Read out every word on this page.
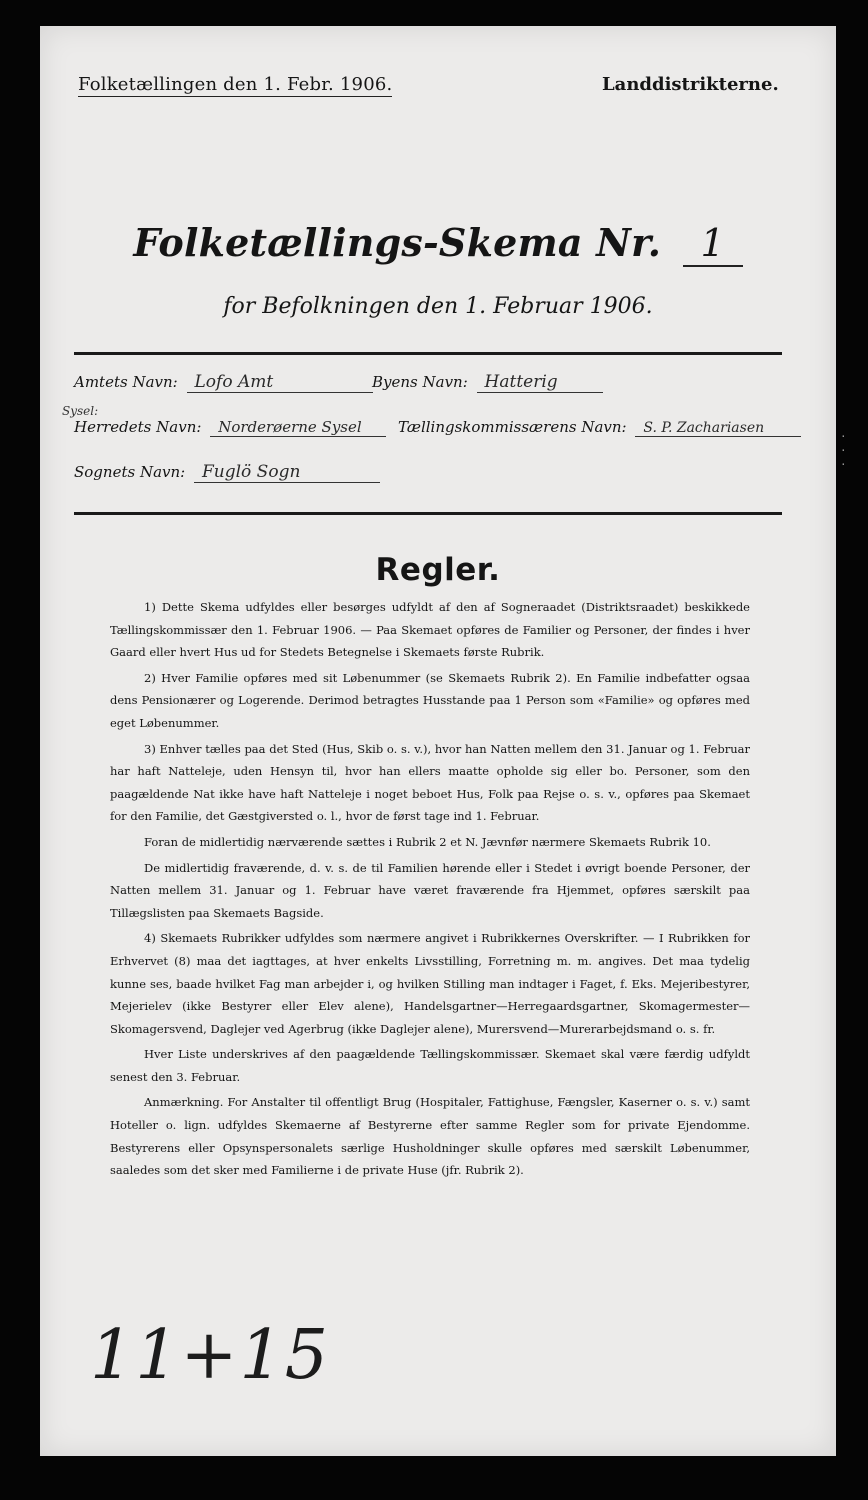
Folketællingen den 1. Febr. 1906.	Landdistrikterne.
Folketællings-Skema Nr. 1
for Befolkningen den 1. Februar 1906.
Amtets Navn: Lofo Amt	Byens Navn: Hatterig
Sysel:
Herredets Navn: Norderøerne Sysel	Tællingskommissærens Navn: S. P. Zachariasen
Sognets Navn: Fuglö Sogn
Regler.

1) Dette Skema udfyldes eller besørges udfyldt af den af Sogneraadet (Distriktsraadet) beskikkede Tællingskommissær den 1. Februar 1906. — Paa Skemaet opføres de Familier og Personer, der findes i hver Gaard eller hvert Hus ud for Stedets Betegnelse i Skemaets første Rubrik.

2) Hver Familie opføres med sit Løbenummer (se Skemaets Rubrik 2). En Familie indbefatter ogsaa dens Pensionærer og Logerende. Derimod betragtes Husstande paa 1 Person som «Familie» og opføres med eget Løbenummer.

3) Enhver tælles paa det Sted (Hus, Skib o. s. v.), hvor han Natten mellem den 31. Januar og 1. Februar har haft Natteleje, uden Hensyn til, hvor han ellers maatte opholde sig eller bo. Personer, som den paagældende Nat ikke have haft Natteleje i noget beboet Hus, Folk paa Rejse o. s. v., opføres paa Skemaet for den Familie, det Gæstgiversted o. l., hvor de først tage ind 1. Februar.

Foran de midlertidig nærværende sættes i Rubrik 2 et N. Jævnfør nærmere Skemaets Rubrik 10.

De midlertidig fraværende, d. v. s. de til Familien hørende eller i Stedet i øvrigt boende Personer, der Natten mellem 31. Januar og 1. Februar have været fraværende fra Hjemmet, opføres særskilt paa Tillægslisten paa Skemaets Bagside.

4) Skemaets Rubrikker udfyldes som nærmere angivet i Rubrikkernes Overskrifter. — I Rubrikken for Erhvervet (8) maa det iagttages, at hver enkelts Livsstilling, Forretning m. m. angives. Det maa tydelig kunne ses, baade hvilket Fag man arbejder i, og hvilken Stilling man indtager i Faget, f. Eks. Mejeribestyrer, Mejerielev (ikke Bestyrer eller Elev alene), Handelsgartner—Herregaardsgartner, Skomagermester—Skomagersvend, Daglejer ved Agerbrug (ikke Daglejer alene), Murersvend—Murerarbejdsmand o. s. fr.

Hver Liste underskrives af den paagældende Tællingskommissær. Skemaet skal være færdig udfyldt senest den 3. Februar.

Anmærkning. For Anstalter til offentligt Brug (Hospitaler, Fattighuse, Fængsler, Kaserner o. s. v.) samt Hoteller o. lign. udfyldes Skemaerne af Bestyrerne efter samme Regler som for private Ejendomme. Bestyrerens eller Opsynspersonalets særlige Husholdninger skulle opføres med særskilt Løbenummer, saaledes som det sker med Familierne i de private Huse (jfr. Rubrik 2).

11+15
·
·
·
